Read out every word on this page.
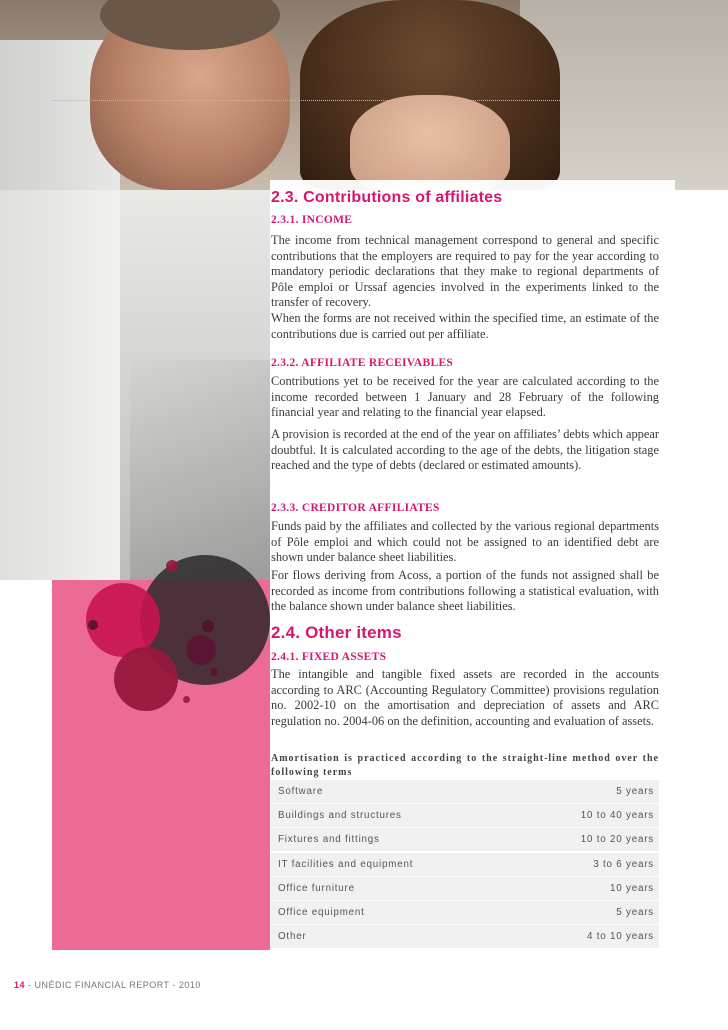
2.3. Contributions of affiliates
2.3.1. INCOME
The income from technical management correspond to general and specific contributions that the employers are required to pay for the year according to mandatory periodic declarations that they make to regional departments of Pôle emploi or Urssaf agencies involved in the experiments linked to the transfer of recovery.
When the forms are not received within the specified time, an estimate of the contributions due is carried out per affiliate.
2.3.2. AFFILIATE RECEIVABLES
Contributions yet to be received for the year are calculated according to the income recorded between 1 January and 28 February of the following financial year and relating to the financial year elapsed.
A provision is recorded at the end of the year on affiliates’ debts which appear doubtful. It is calculated according to the age of the debts, the litigation stage reached and the type of debts (declared or estimated amounts).
2.3.3. CREDITOR AFFILIATES
Funds paid by the affiliates and collected by the various regional departments of Pôle emploi and which could not be assigned to an identified debt are shown under balance sheet liabilities.
For flows deriving from Acoss, a portion of the funds not assigned shall be recorded as income from contributions following a statistical evaluation, with the balance shown under balance sheet liabilities.
2.4. Other items
2.4.1. FIXED ASSETS
The intangible and tangible fixed assets are recorded in the accounts according to ARC (Accounting Regulatory Committee) provisions regulation no. 2002-10 on the amortisation and depreciation of assets and ARC regulation no. 2004-06 on the definition, accounting and evaluation of assets.
Amortisation is practiced according to the straight-line method over the following terms
Software	5 years
Buildings and structures	10 to 40 years
Fixtures and fittings	10 to 20 years
IT facilities and equipment	3 to 6 years
Office furniture	10 years
Office equipment	5 years
Other	4 to 10 years
14 - UNÉDIC FINANCIAL REPORT - 2010
